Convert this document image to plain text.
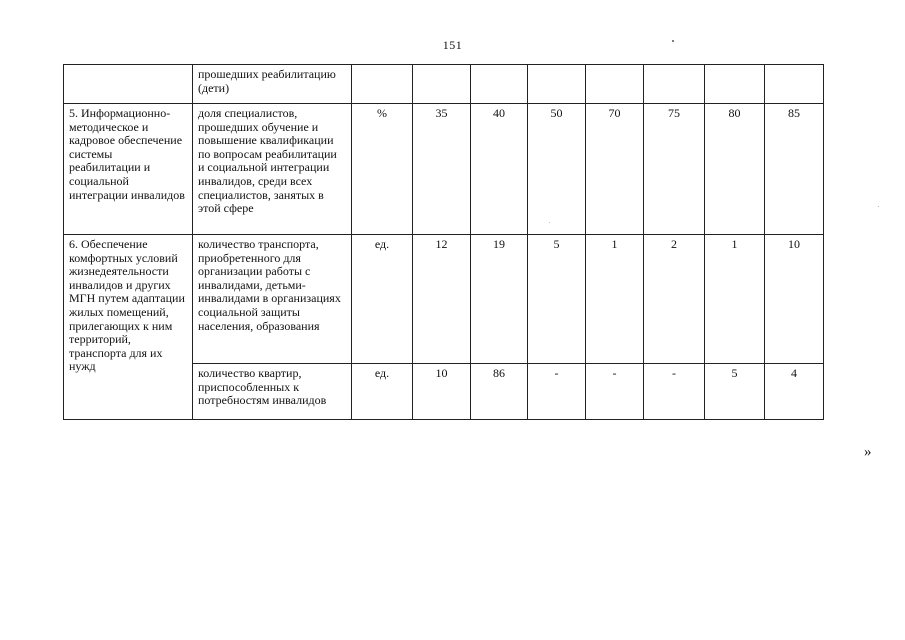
151
	прошедших реабилитацию (дети)								
5. Информационно-методическое и кадровое обеспечение системы реабилитации и социальной интеграции инвалидов	доля специалистов, прошедших обучение и повышение квалификации по вопросам реабилитации и социальной интеграции инвалидов, среди всех специалистов, занятых в этой сфере	%	35	40	50	70	75	80	85
6. Обеспечение комфортных условий жизнедеятельности инвалидов и других МГН путем адаптации жилых помещений, прилегающих к ним территорий, транспорта для их нужд	количество транспорта, приобретенного для организации работы с инвалидами, детьми-инвалидами в организациях социальной защиты населения, образования	ед.	12	19	5	1	2	1	10
	количество квартир, приспособленных к потребностям инвалидов	ед.	10	86	-	-	-	5	4
»
